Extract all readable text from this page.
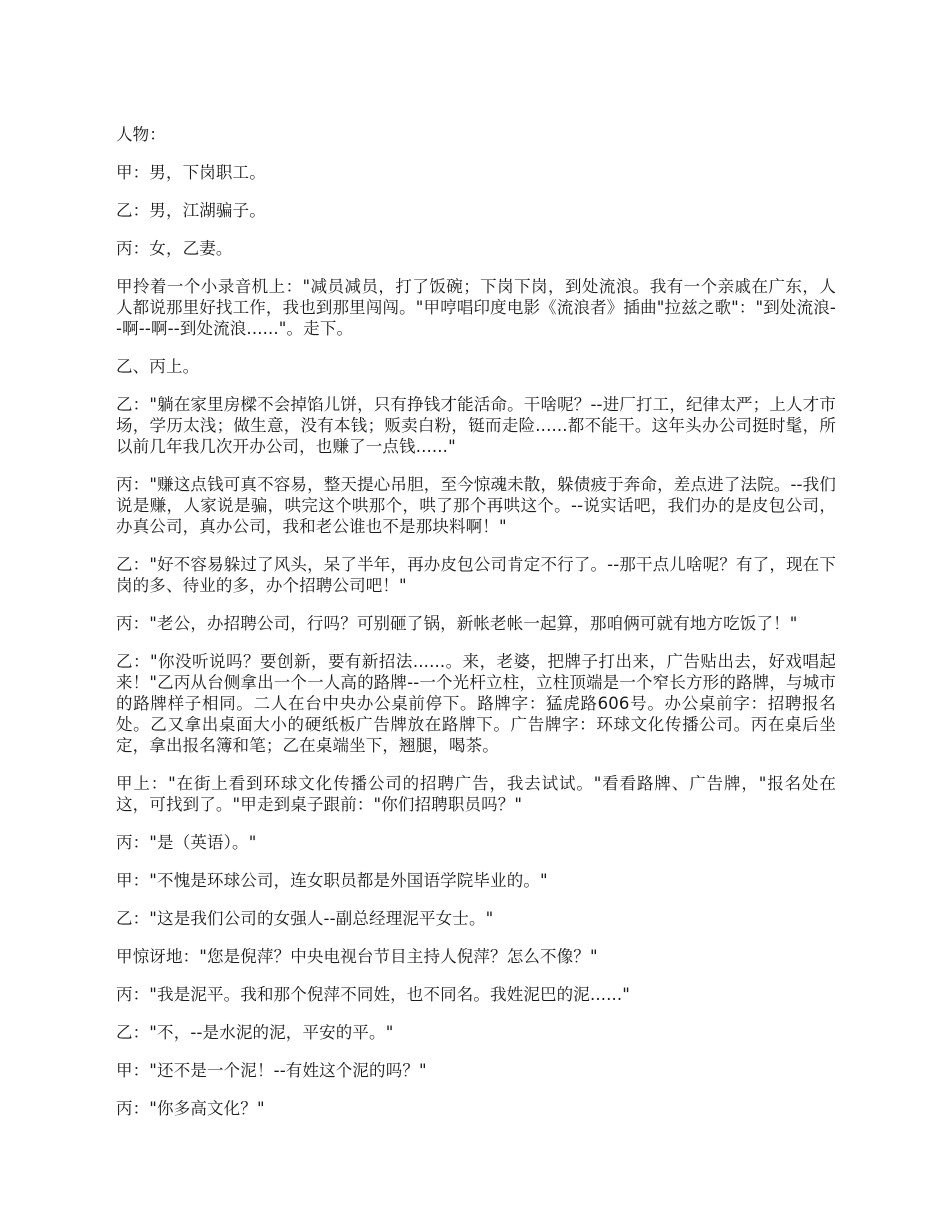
人物：

甲：男，下岗职工。

乙：男，江湖骗子。

丙：女，乙妻。

甲拎着一个小录音机上："减员减员，打了饭碗；下岗下岗，到处流浪。我有一个亲戚在广东，人人都说那里好找工作，我也到那里闯闯。"甲哼唱印度电影《流浪者》插曲"拉兹之歌"："到处流浪--啊--啊--到处流浪......"。走下。

乙、丙上。

乙："躺在家里房樑不会掉馅儿饼，只有挣钱才能活命。干啥呢？--进厂打工，纪律太严；上人才市场，学历太浅；做生意，没有本钱；贩卖白粉，铤而走险......都不能干。这年头办公司挺时髦，所以前几年我几次开办公司，也赚了一点钱......"

丙："赚这点钱可真不容易，整天提心吊胆，至今惊魂未散，躲债疲于奔命，差点进了法院。--我们说是赚，人家说是骗，哄完这个哄那个，哄了那个再哄这个。--说实话吧，我们办的是皮包公司，办真公司，真办公司，我和老公谁也不是那块料啊！"

乙："好不容易躲过了风头，呆了半年，再办皮包公司肯定不行了。--那干点儿啥呢？有了，现在下岗的多、待业的多，办个招聘公司吧！"

丙："老公，办招聘公司，行吗？可别砸了锅，新帐老帐一起算，那咱俩可就有地方吃饭了！"

乙："你没听说吗？要创新，要有新招法......。来，老婆，把牌子打出来，广告贴出去，好戏唱起来！"乙丙从台侧拿出一个一人高的路牌--一个光杆立柱，立柱顶端是一个窄长方形的路牌，与城市的路牌样子相同。二人在台中央办公桌前停下。路牌字：猛虎路606号。办公桌前字：招聘报名处。乙又拿出桌面大小的硬纸板广告牌放在路牌下。广告牌字：环球文化传播公司。丙在桌后坐定，拿出报名簿和笔；乙在桌端坐下，翘腿，喝茶。

甲上："在街上看到环球文化传播公司的招聘广告，我去试试。"看看路牌、广告牌，"报名处在这，可找到了。"甲走到桌子跟前："你们招聘职员吗？"

丙："是（英语）。"

甲："不愧是环球公司，连女职员都是外国语学院毕业的。"

乙："这是我们公司的女强人--副总经理泥平女士。"

甲惊讶地："您是倪萍？中央电视台节目主持人倪萍？怎么不像？"

丙："我是泥平。我和那个倪萍不同姓，也不同名。我姓泥巴的泥......"

乙："不，--是水泥的泥，平安的平。"

甲："还不是一个泥！--有姓这个泥的吗？"

丙："你多高文化？"
